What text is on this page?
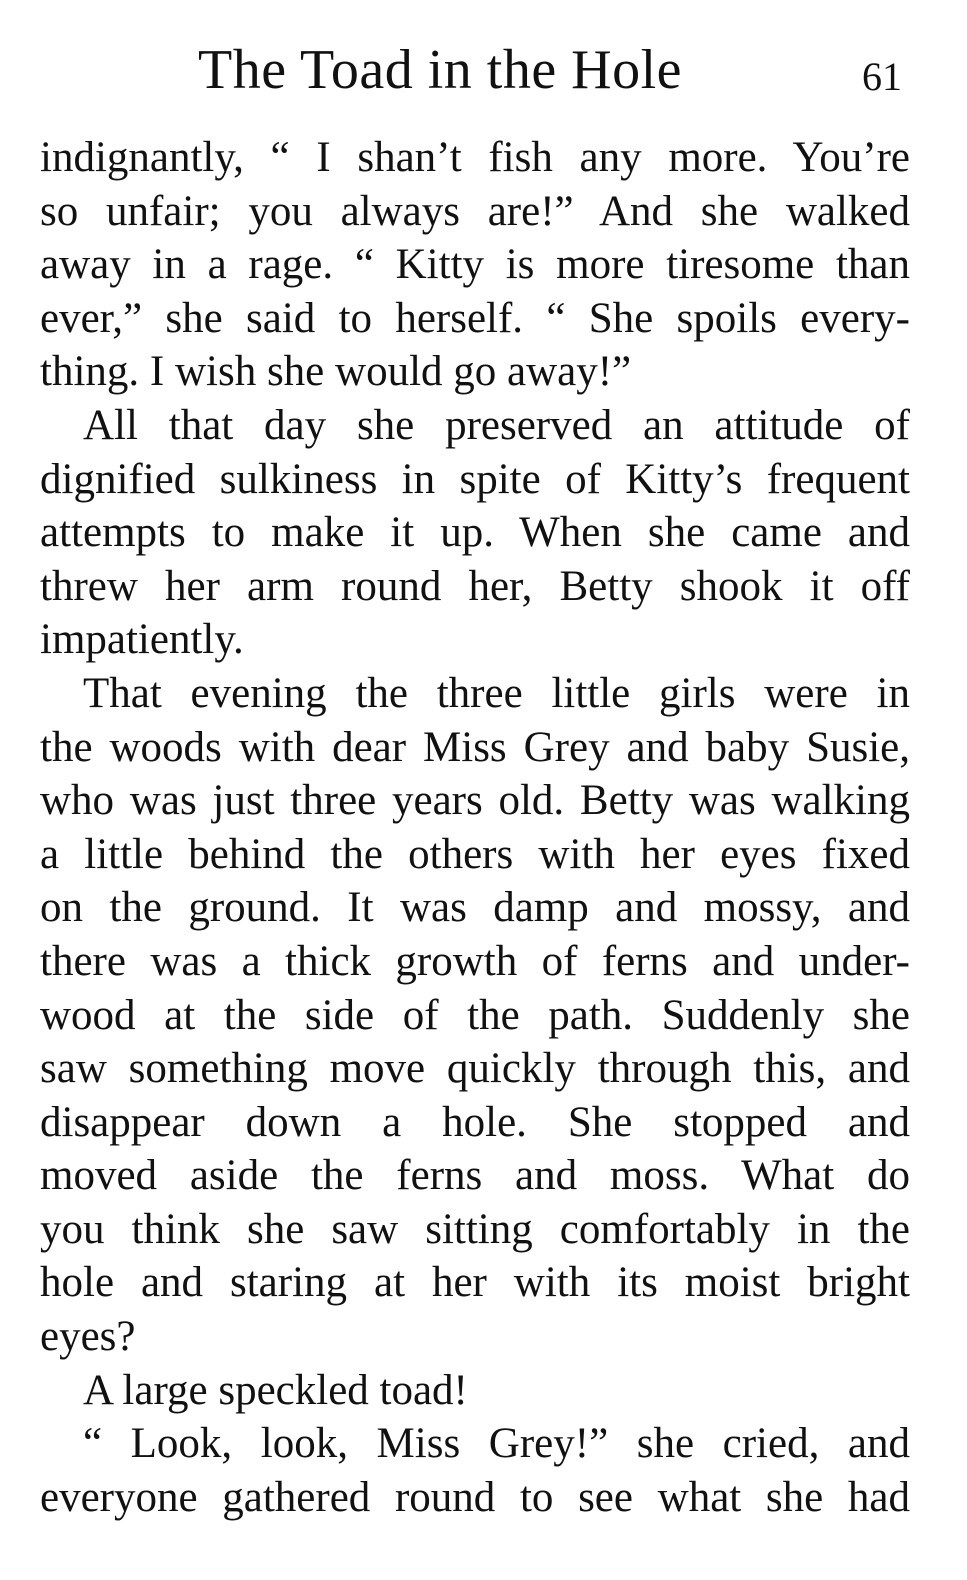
The Toad in the Hole	61
indignantly, “ I shan’t fish any more. You’re
so unfair; you always are!” And she walked
away in a rage. “ Kitty is more tiresome than
ever,” she said to herself. “ She spoils every-
thing. I wish she would go away!”
All that day she preserved an attitude of
dignified sulkiness in spite of Kitty’s frequent
attempts to make it up. When she came and
threw her arm round her, Betty shook it off
impatiently.
That evening the three little girls were in
the woods with dear Miss Grey and baby Susie,
who was just three years old. Betty was walking
a little behind the others with her eyes fixed
on the ground. It was damp and mossy, and
there was a thick growth of ferns and under-
wood at the side of the path. Suddenly she
saw something move quickly through this, and
disappear down a hole. She stopped and
moved aside the ferns and moss. What do
you think she saw sitting comfortably in the
hole and staring at her with its moist bright
eyes?
A large speckled toad!
“ Look, look, Miss Grey!” she cried, and
everyone gathered round to see what she had
